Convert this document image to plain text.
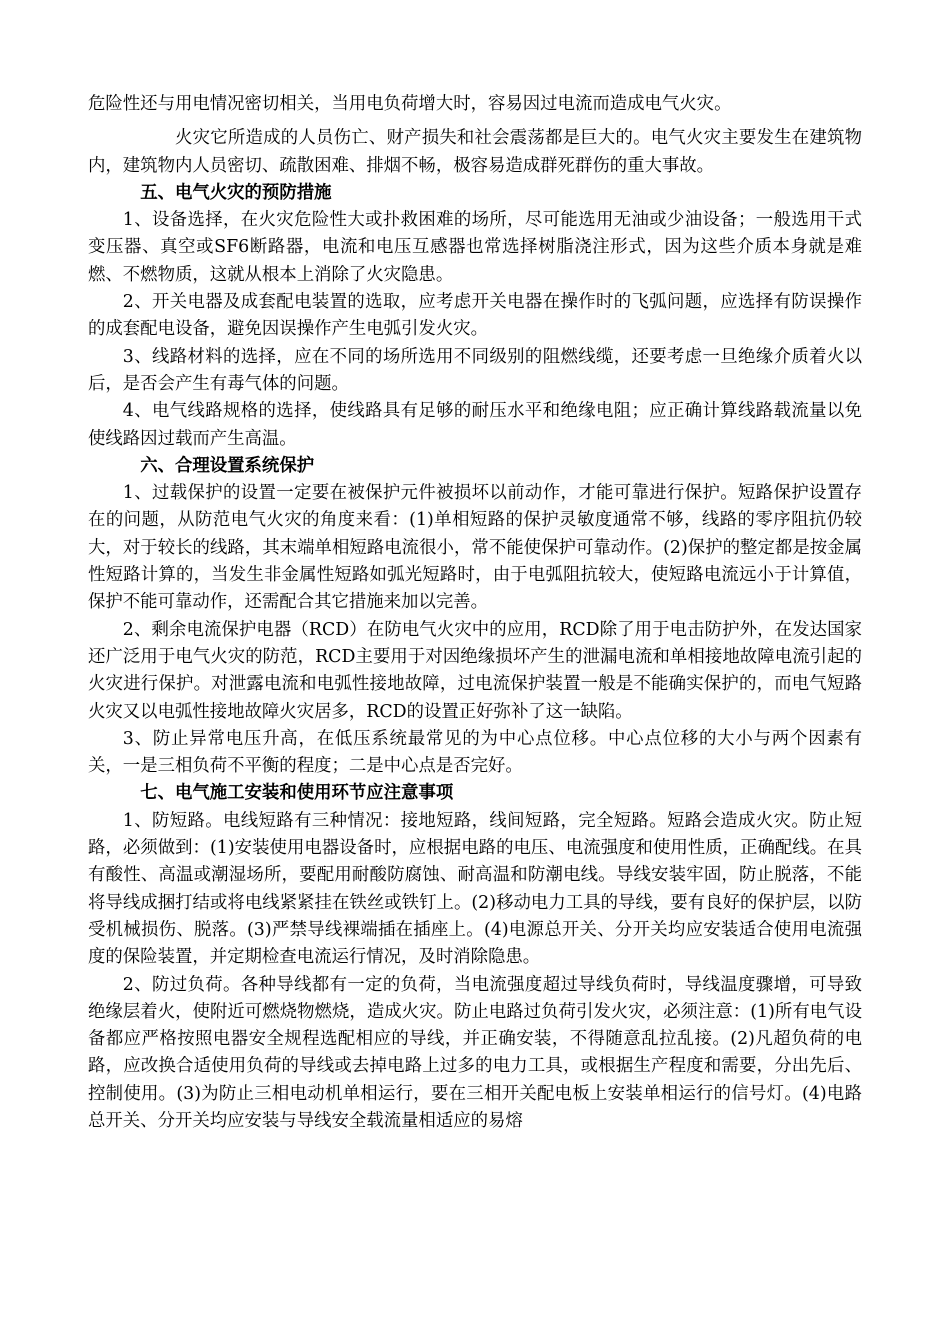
危险性还与用电情况密切相关，当用电负荷增大时，容易因过电流而造成电气火灾。

火灾它所造成的人员伤亡、财产损失和社会震荡都是巨大的。电气火灾主要发生在建筑物内，建筑物内人员密切、疏散困难、排烟不畅，极容易造成群死群伤的重大事故。

五、电气火灾的预防措施

1、设备选择，在火灾危险性大或扑救困难的场所，尽可能选用无油或少油设备；一般选用干式变压器、真空或SF6断路器，电流和电压互感器也常选择树脂浇注形式，因为这些介质本身就是难燃、不燃物质，这就从根本上消除了火灾隐患。

2、开关电器及成套配电装置的选取，应考虑开关电器在操作时的飞弧问题，应选择有防误操作的成套配电设备，避免因误操作产生电弧引发火灾。

3、线路材料的选择，应在不同的场所选用不同级别的阻燃线缆，还要考虑一旦绝缘介质着火以后，是否会产生有毒气体的问题。

4、电气线路规格的选择，使线路具有足够的耐压水平和绝缘电阻；应正确计算线路载流量以免使线路因过载而产生高温。

六、合理设置系统保护

1、过载保护的设置一定要在被保护元件被损坏以前动作，才能可靠进行保护。短路保护设置存在的问题，从防范电气火灾的角度来看：(1)单相短路的保护灵敏度通常不够，线路的零序阻抗仍较大，对于较长的线路，其末端单相短路电流很小，常不能使保护可靠动作。(2)保护的整定都是按金属性短路计算的，当发生非金属性短路如弧光短路时，由于电弧阻抗较大，使短路电流远小于计算值，保护不能可靠动作，还需配合其它措施来加以完善。

2、剩余电流保护电器（RCD）在防电气火灾中的应用，RCD除了用于电击防护外，在发达国家还广泛用于电气火灾的防范，RCD主要用于对因绝缘损坏产生的泄漏电流和单相接地故障电流引起的火灾进行保护。对泄露电流和电弧性接地故障，过电流保护装置一般是不能确实保护的，而电气短路火灾又以电弧性接地故障火灾居多，RCD的设置正好弥补了这一缺陷。

3、防止异常电压升高，在低压系统最常见的为中心点位移。中心点位移的大小与两个因素有关，一是三相负荷不平衡的程度；二是中心点是否完好。

七、电气施工安装和使用环节应注意事项

1、防短路。电线短路有三种情况：接地短路，线间短路，完全短路。短路会造成火灾。防止短路，必须做到：(1)安装使用电器设备时，应根据电路的电压、电流强度和使用性质，正确配线。在具有酸性、高温或潮湿场所，要配用耐酸防腐蚀、耐高温和防潮电线。导线安装牢固，防止脱落，不能将导线成捆打结或将电线紧紧挂在铁丝或铁钉上。(2)移动电力工具的导线，要有良好的保护层，以防受机械损伤、脱落。(3)严禁导线裸端插在插座上。(4)电源总开关、分开关均应安装适合使用电流强度的保险装置，并定期检查电流运行情况，及时消除隐患。

2、防过负荷。各种导线都有一定的负荷，当电流强度超过导线负荷时，导线温度骤增，可导致绝缘层着火，使附近可燃烧物燃烧，造成火灾。防止电路过负荷引发火灾，必须注意：(1)所有电气设备都应严格按照电器安全规程选配相应的导线，并正确安装，不得随意乱拉乱接。(2)凡超负荷的电路，应改换合适使用负荷的导线或去掉电路上过多的电力工具，或根据生产程度和需要，分出先后、控制使用。(3)为防止三相电动机单相运行，要在三相开关配电板上安装单相运行的信号灯。(4)电路总开关、分开关均应安装与导线安全载流量相适应的易熔
